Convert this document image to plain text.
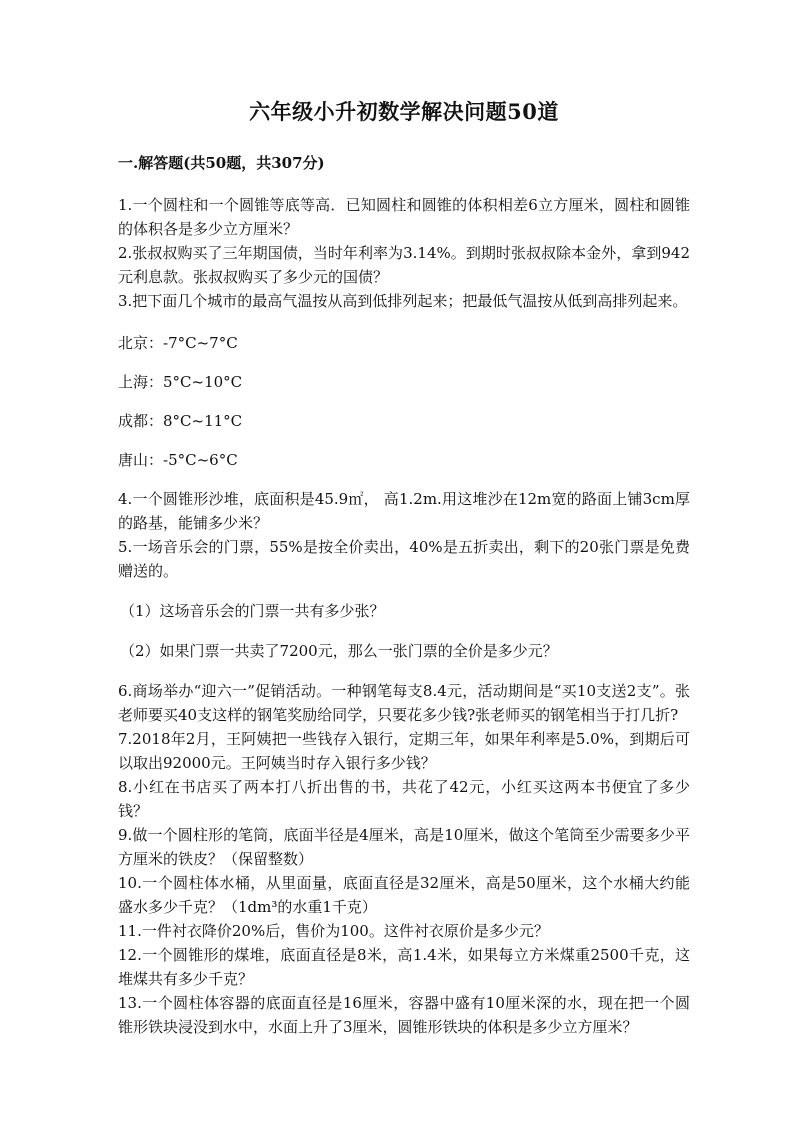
六年级小升初数学解决问题50道
一.解答题(共50题，共307分)

1.一个圆柱和一个圆锥等底等高．已知圆柱和圆锥的体积相差6立方厘米，圆柱和圆锥的体积各是多少立方厘米？

2.张叔叔购买了三年期国债，当时年利率为3.14%。到期时张叔叔除本金外，拿到942元利息款。张叔叔购买了多少元的国债？

3.把下面几个城市的最高气温按从高到低排列起来；把最低气温按从低到高排列起来。

北京：-7°C~7°C

上海：5°C~10°C

成都：8°C~11°C

唐山：-5°C~6°C

4.一个圆锥形沙堆，底面积是45.9㎡， 高1.2m.用这堆沙在12m宽的路面上铺3cm厚的路基，能铺多少米？

5.一场音乐会的门票，55%是按全价卖出，40%是五折卖出，剩下的20张门票是免费赠送的。

（1）这场音乐会的门票一共有多少张？

（2）如果门票一共卖了7200元，那么一张门票的全价是多少元？

6.商场举办“迎六一”促销活动。一种钢笔每支8.4元，活动期间是“买10支送2支”。张老师要买40支这样的钢笔奖励给同学，只要花多少钱?张老师买的钢笔相当于打几折?

7.2018年2月，王阿姨把一些钱存入银行，定期三年，如果年利率是5.0%，到期后可以取出92000元。王阿姨当时存入银行多少钱？

8.小红在书店买了两本打八折出售的书，共花了42元，小红买这两本书便宜了多少钱？

9.做一个圆柱形的笔筒，底面半径是4厘米，高是10厘米，做这个笔筒至少需要多少平方厘米的铁皮？（保留整数）

10.一个圆柱体水桶，从里面量，底面直径是32厘米，高是50厘米，这个水桶大约能盛水多少千克？（1dm³的水重1千克）

11.一件衬衣降价20%后，售价为100。这件衬衣原价是多少元？

12.一个圆锥形的煤堆，底面直径是8米，高1.4米，如果每立方米煤重2500千克，这堆煤共有多少千克？

13.一个圆柱体容器的底面直径是16厘米，容器中盛有10厘米深的水，现在把一个圆锥形铁块浸没到水中，水面上升了3厘米，圆锥形铁块的体积是多少立方厘米？
